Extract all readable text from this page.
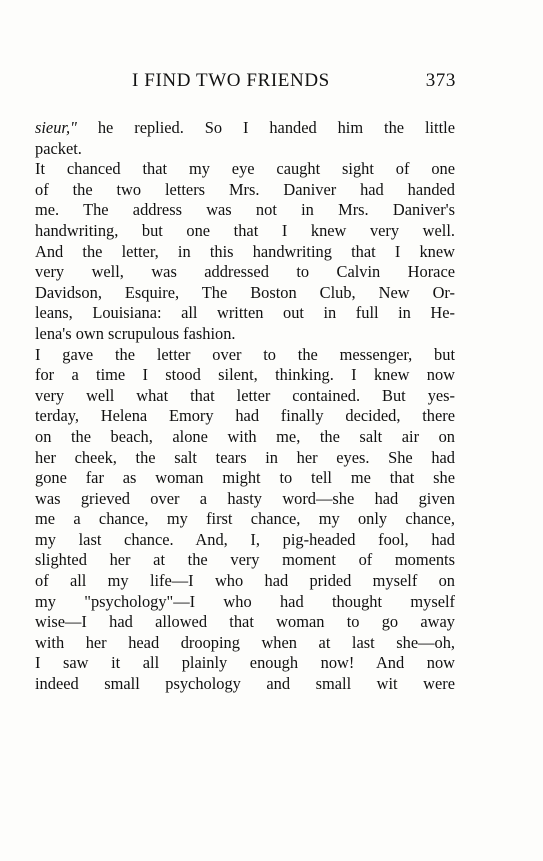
I FIND TWO FRIENDS	373
sieur," he replied. So I handed him the little
packet.
It chanced that my eye caught sight of one
of the two letters Mrs. Daniver had handed
me. The address was not in Mrs. Daniver's
handwriting, but one that I knew very well.
And the letter, in this handwriting that I knew
very well, was addressed to Calvin Horace
Davidson, Esquire, The Boston Club, New Or-
leans, Louisiana: all written out in full in He-
lena's own scrupulous fashion.
I gave the letter over to the messenger, but
for a time I stood silent, thinking. I knew now
very well what that letter contained. But yes-
terday, Helena Emory had finally decided, there
on the beach, alone with me, the salt air on
her cheek, the salt tears in her eyes. She had
gone far as woman might to tell me that she
was grieved over a hasty word—she had given
me a chance, my first chance, my only chance,
my last chance. And, I, pig-headed fool, had
slighted her at the very moment of moments
of all my life—I who had prided myself on
my "psychology"—I who had thought myself
wise—I had allowed that woman to go away
with her head drooping when at last she—oh,
I saw it all plainly enough now! And now
indeed small psychology and small wit were
